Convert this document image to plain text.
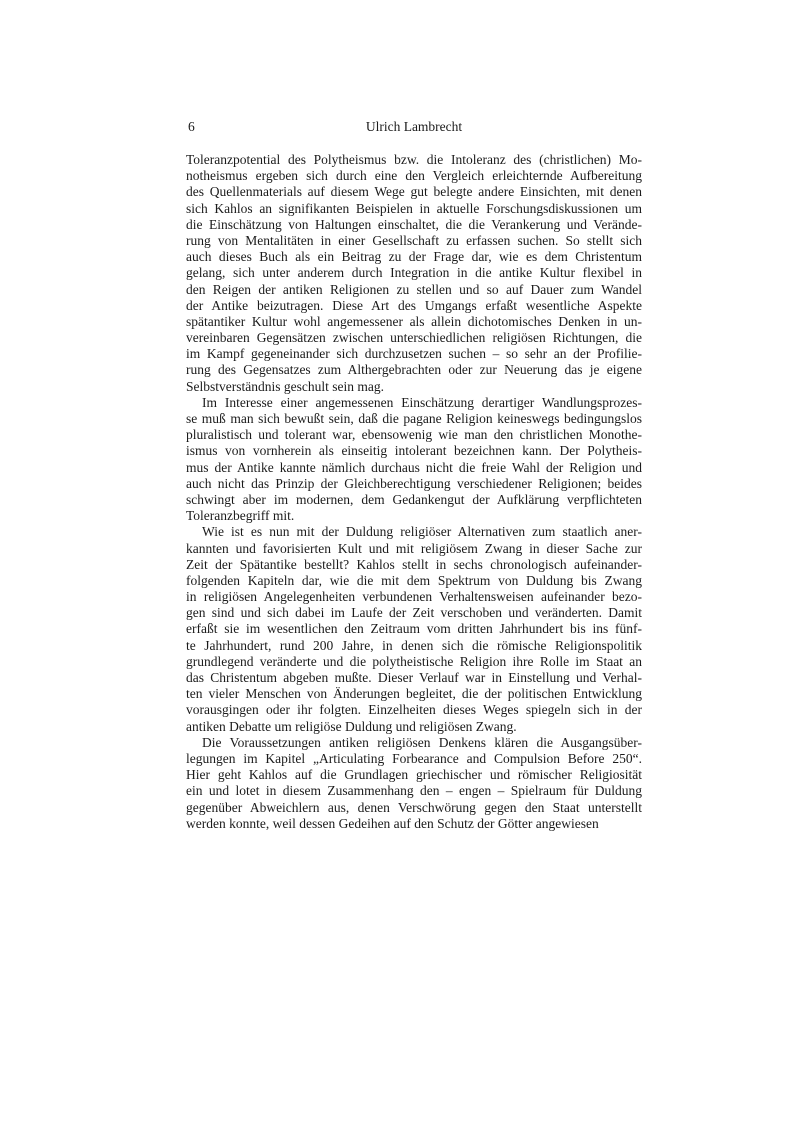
6	Ulrich Lambrecht
Toleranzpotential des Polytheismus bzw. die Intoleranz des (christlichen) Mo-
notheismus ergeben sich durch eine den Vergleich erleichternde Aufbereitung
des Quellenmaterials auf diesem Wege gut belegte andere Einsichten, mit denen
sich Kahlos an signifikanten Beispielen in aktuelle Forschungsdiskussionen um
die Einschätzung von Haltungen einschaltet, die die Verankerung und Verände-
rung von Mentalitäten in einer Gesellschaft zu erfassen suchen. So stellt sich
auch dieses Buch als ein Beitrag zu der Frage dar, wie es dem Christentum
gelang, sich unter anderem durch Integration in die antike Kultur flexibel in
den Reigen der antiken Religionen zu stellen und so auf Dauer zum Wandel
der Antike beizutragen. Diese Art des Umgangs erfaßt wesentliche Aspekte
spätantiker Kultur wohl angemessener als allein dichotomisches Denken in un-
vereinbaren Gegensätzen zwischen unterschiedlichen religiösen Richtungen, die
im Kampf gegeneinander sich durchzusetzen suchen – so sehr an der Profilie-
rung des Gegensatzes zum Althergebrachten oder zur Neuerung das je eigene
Selbstverständnis geschult sein mag.
Im Interesse einer angemessenen Einschätzung derartiger Wandlungsprozes-
se muß man sich bewußt sein, daß die pagane Religion keineswegs bedingungslos
pluralistisch und tolerant war, ebensowenig wie man den christlichen Monothe-
ismus von vornherein als einseitig intolerant bezeichnen kann. Der Polytheis-
mus der Antike kannte nämlich durchaus nicht die freie Wahl der Religion und
auch nicht das Prinzip der Gleichberechtigung verschiedener Religionen; beides
schwingt aber im modernen, dem Gedankengut der Aufklärung verpflichteten
Toleranzbegriff mit.
Wie ist es nun mit der Duldung religiöser Alternativen zum staatlich aner-
kannten und favorisierten Kult und mit religiösem Zwang in dieser Sache zur
Zeit der Spätantike bestellt? Kahlos stellt in sechs chronologisch aufeinander-
folgenden Kapiteln dar, wie die mit dem Spektrum von Duldung bis Zwang
in religiösen Angelegenheiten verbundenen Verhaltensweisen aufeinander bezo-
gen sind und sich dabei im Laufe der Zeit verschoben und veränderten. Damit
erfaßt sie im wesentlichen den Zeitraum vom dritten Jahrhundert bis ins fünf-
te Jahrhundert, rund 200 Jahre, in denen sich die römische Religionspolitik
grundlegend veränderte und die polytheistische Religion ihre Rolle im Staat an
das Christentum abgeben mußte. Dieser Verlauf war in Einstellung und Verhal-
ten vieler Menschen von Änderungen begleitet, die der politischen Entwicklung
vorausgingen oder ihr folgten. Einzelheiten dieses Weges spiegeln sich in der
antiken Debatte um religiöse Duldung und religiösen Zwang.
Die Voraussetzungen antiken religiösen Denkens klären die Ausgangsüber-
legungen im Kapitel „Articulating Forbearance and Compulsion Before 250“.
Hier geht Kahlos auf die Grundlagen griechischer und römischer Religiosität
ein und lotet in diesem Zusammenhang den – engen – Spielraum für Duldung
gegenüber Abweichlern aus, denen Verschwörung gegen den Staat unterstellt
werden konnte, weil dessen Gedeihen auf den Schutz der Götter angewiesen
